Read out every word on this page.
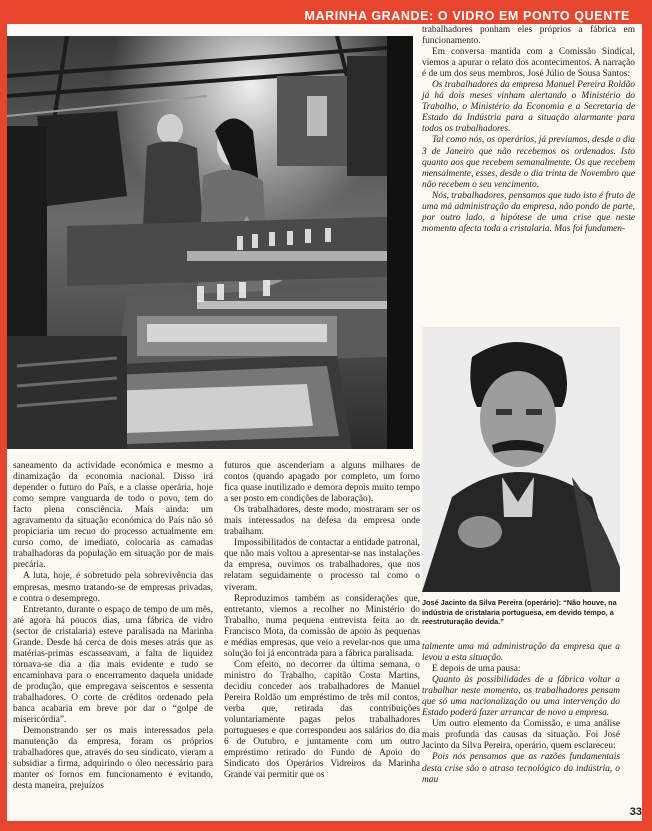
MARINHA GRANDE: O VIDRO EM PONTO QUENTE

trabalhadores ponham eles próprios a fábrica em funcionamento.

Em conversa mantida com a Comissão Sindical, viemos a apurar o relato dos acontecimentos. A narração é de um dos seus membros, José Júlio de Sousa Santos:

Os trabalhadores da empresa Manuel Pereira Roldão já há dois meses vinham alertando o Ministério do Trabalho, o Ministério da Economia e a Secretaria de Estado da Indústria para a situação alarmante para todos os trabalhadores.

Tal como nós, os operários, já prevíamos, desde o dia 3 de Janeiro que não recebemos os ordenados. Isto quanto aos que recebem semanalmente. Os que recebem mensalmente, esses, desde o dia trinta de Novembro que não recebem o seu vencimento.

Nós, trabalhadores, pensamos que tudo isto é fruto de uma má administração da empresa, não pondo de parte, por outro lado, a hipótese de uma crise que neste momento afecta toda a cristalaria. Mas foi fundamen-

José Jacinto da Silva Pereira (operário): “Não houve, na indústria de cristalaria portuguesa, em devido tempo, a reestruturação devida.”

saneamento da actividade económica e mesmo a dinamização da economia nacional. Disso irá depender o futuro do País, e a classe operária, hoje como sempre vanguarda de todo o povo, tem do facto plena consciência. Mais ainda: um agravamento da situação económica do País não só propiciaria um recuo do processo actualmente em curso como, de imediato, colocaria as camadas trabalhadoras da população em situação por de mais precária.

A luta, hoje, é sobretudo pela sobrevivência das empresas, mesmo tratando-se de empresas privadas, e contra o desemprego.

Entretanto, durante o espaço de tempo de um mês, até agora há poucos dias, uma fábrica de vidro (sector de cristalaria) esteve paralisada na Marinha Grande. Desde há cerca de dois meses atrás que as matérias-primas escasseavam, a falta de liquidez tornava-se dia a dia mais evidente e tudo se encaminhava para o encerramento daquela unidade de produção, que empregava seiscentos e sessenta trabalhadores. O corte de créditos ordenado pela banca acabaria em breve por dar o “golpe de misericórdia”.

Demonstrando ser os mais interessados pela manutenção da empresa, foram os próprios trabalhadores que, através do seu sindicato, vieram a subsidiar a firma, adquirindo o óleo necessário para manter os fornos em funcionamento e evitando, desta maneira, prejuízos

futuros que ascenderiam a alguns milhares de contos (quando apagado por completo, um forno fica quase inutilizado e demora depois muito tempo a ser posto em condições de laboração).

Os trabalhadores, deste modo, mostraram ser os mais interessados na defesa da empresa onde trabalham.

Impossibilitados de contactar a entidade patronal, que não mais voltou a apresentar-se nas instalações da empresa, ouvimos os trabalhadores, que nos relatam seguidamente o processo tal como o viveram.

Reproduzimos também as considerações que, entretanto, viemos a recolher no Ministério do Trabalho, numa pequena entrevista feita ao dr. Francisco Mota, da comissão de apoio às pequenas e médias empresas, que veio a revelar-nos que uma solução foi já encontrada para a fábrica paralisada.

Com efeito, no decorrer da última semana, o ministro do Trabalho, capitão Costa Martins, decidiu conceder aos trabalhadores de Manuel Pereira Roldão um empréstimo de três mil contos, verba que, retirada das contribuições voluntariamente pagas pelos trabalhadores portugueses e que correspondeu aos salários do dia 6 de Outubro, e juntamente com um outro empréstimo retirado do Fundo de Apoio do Sindicato dos Operários Vidreiros da Marinha Grande vai permitir que os

talmente uma má administração da empresa que a levou a esta situação.

E depois de uma pausa:

Quanto às possibilidades de a fábrica voltar a trabalhar neste momento, os trabalhadores pensam que só uma nacionalização ou uma intervenção do Estado poderá fazer arrancar de novo a empresa.

Um outro elemento da Comissão, e uma análise mais profunda das causas da situação. Foi José Jacinto da Silva Pereira, operário, quem esclareceu:

Pois nós pensamos que as razões fundamentais desta crise são o atraso tecnológico da indústria, o mau

33
